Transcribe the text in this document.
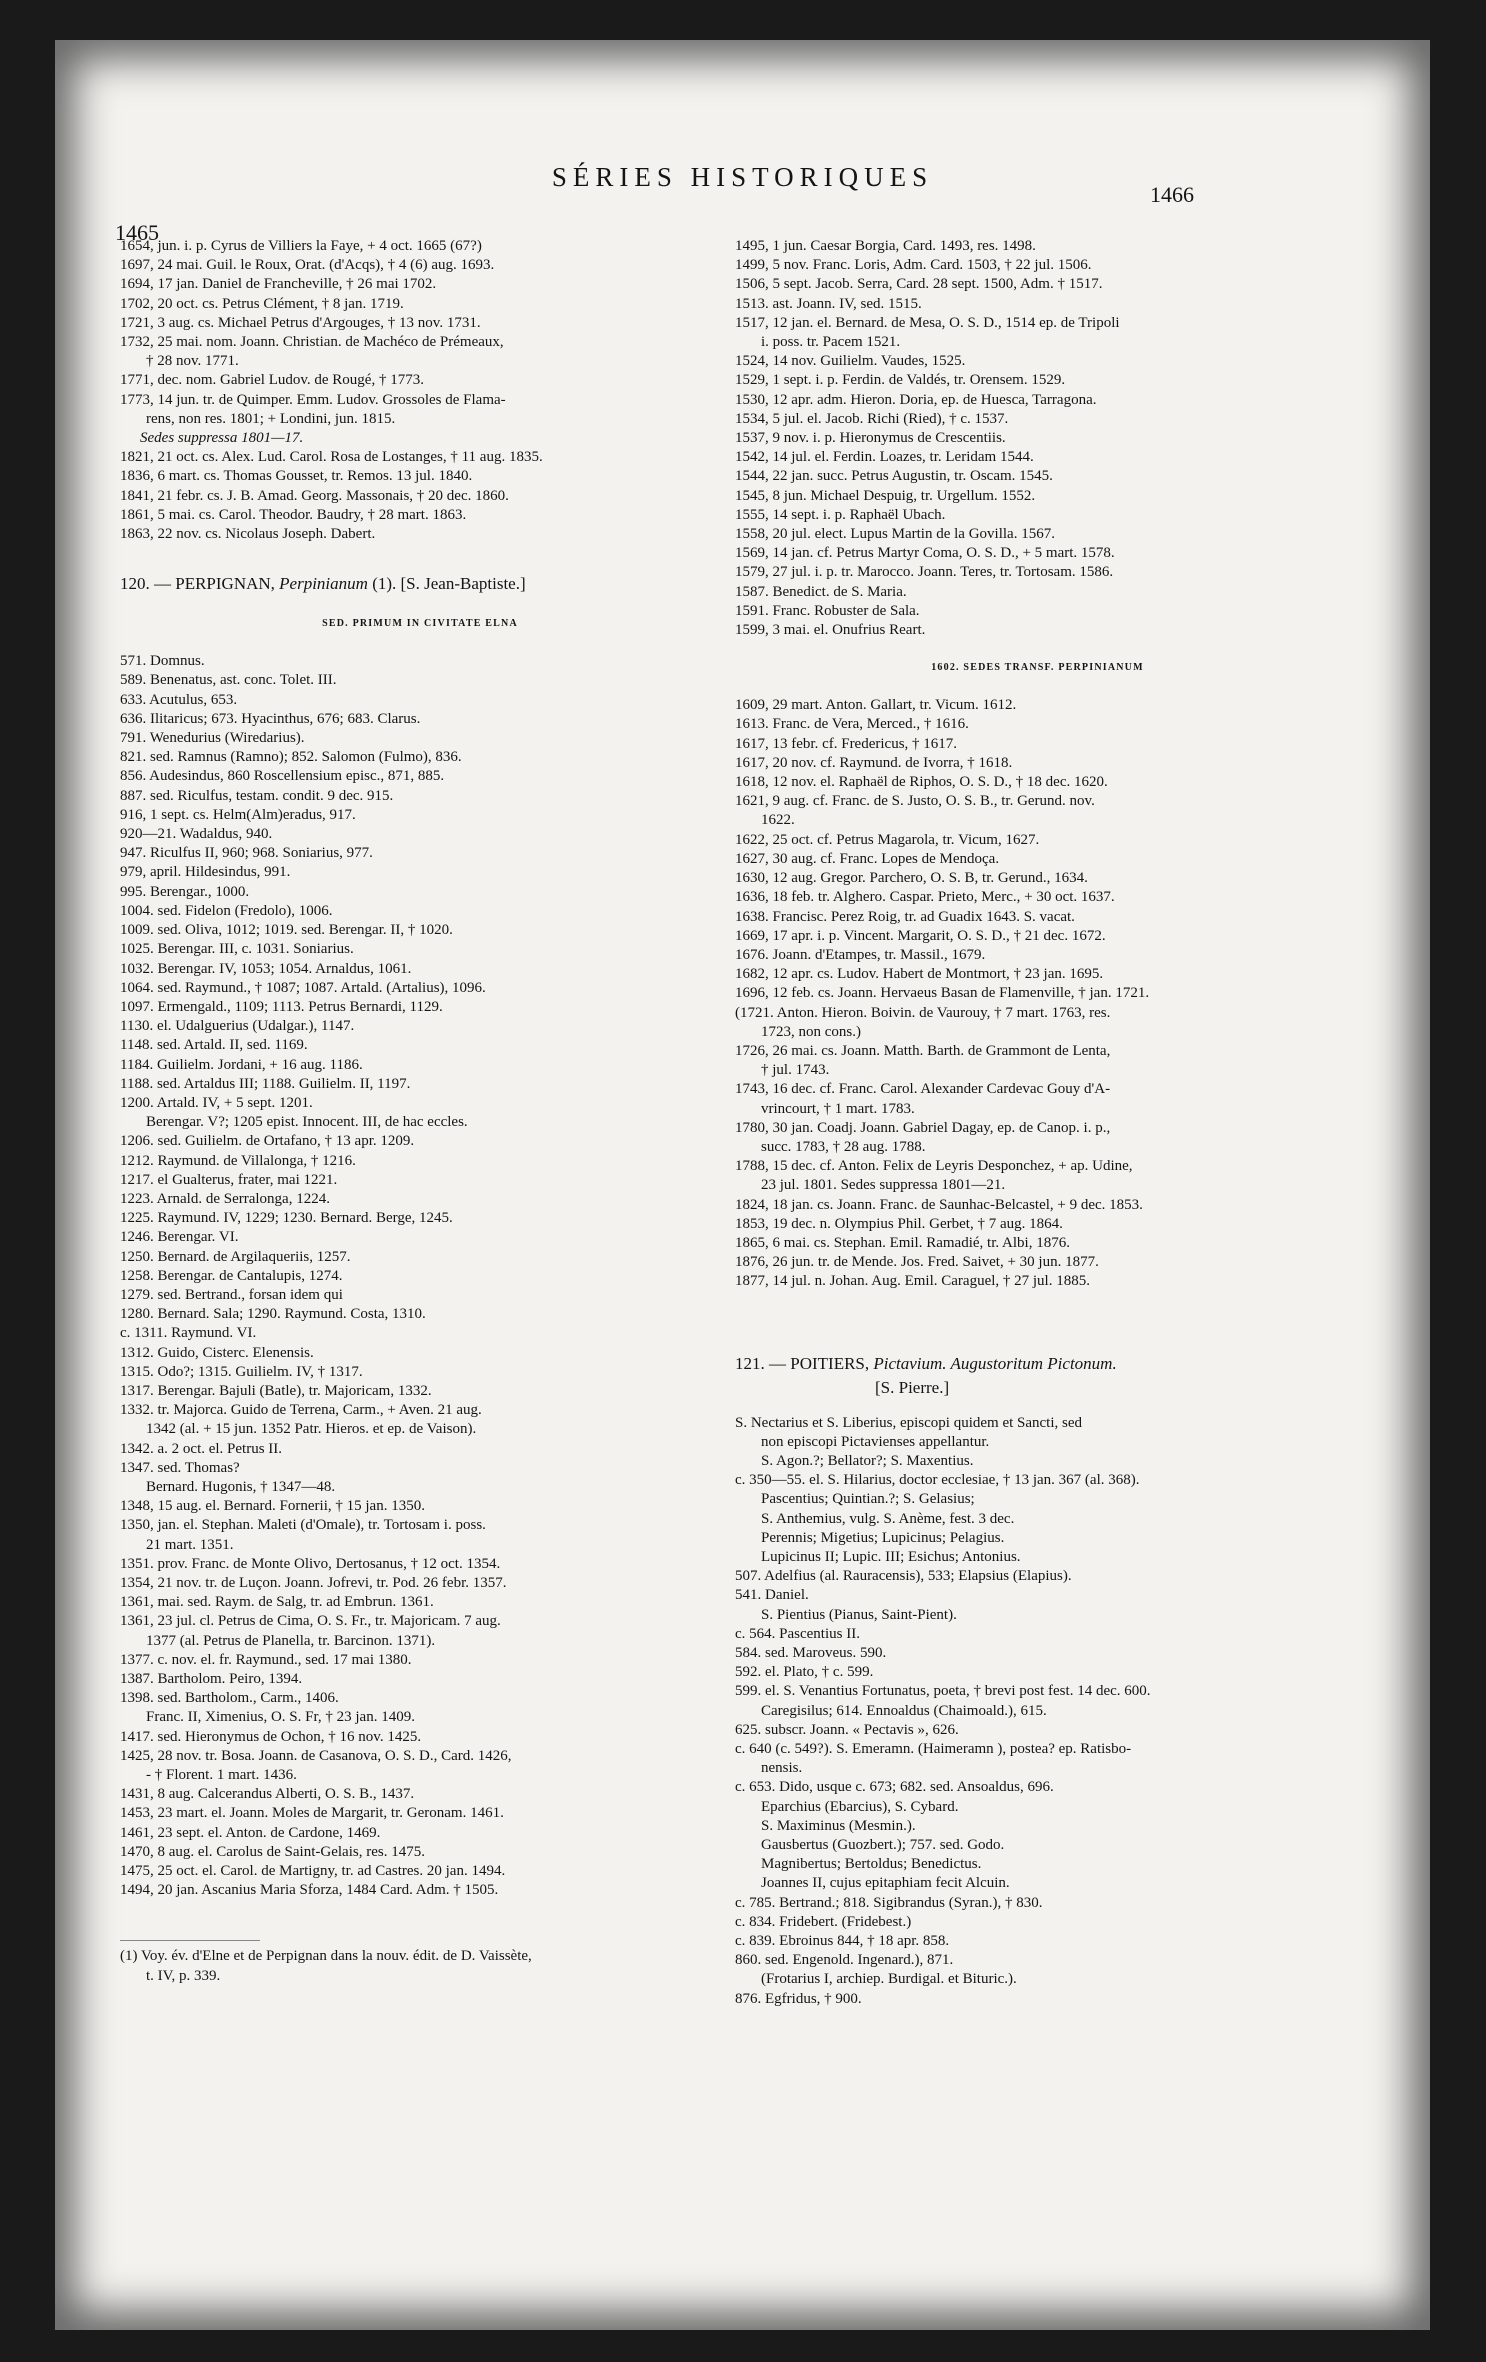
SÉRIES HISTORIQUES
1465
1466
1654, jun. i. p. Cyrus de Villiers la Faye, + 4 oct. 1665 (67?)
1697, 24 mai. Guil. le Roux, Orat. (d'Acqs), † 4 (6) aug. 1693.
1694, 17 jan. Daniel de Francheville, † 26 mai 1702.
1702, 20 oct. cs. Petrus Clément, † 8 jan. 1719.
1721, 3 aug. cs. Michael Petrus d'Argouges, † 13 nov. 1731.
1732, 25 mai. nom. Joann. Christian. de Machéco de Prémeaux,
† 28 nov. 1771.
1771, dec. nom. Gabriel Ludov. de Rougé, † 1773.
1773, 14 jun. tr. de Quimper. Emm. Ludov. Grossoles de Flama-
rens, non res. 1801; + Londini, jun. 1815.
Sedes suppressa 1801—17.
1821, 21 oct. cs. Alex. Lud. Carol. Rosa de Lostanges, † 11 aug. 1835.
1836, 6 mart. cs. Thomas Gousset, tr. Remos. 13 jul. 1840.
1841, 21 febr. cs. J. B. Amad. Georg. Massonais, † 20 dec. 1860.
1861, 5 mai. cs. Carol. Theodor. Baudry, † 28 mart. 1863.
1863, 22 nov. cs. Nicolaus Joseph. Dabert.
120. — PERPIGNAN, Perpinianum (1). [S. Jean-Baptiste.]
SED. PRIMUM IN CIVITATE ELNA
571. Domnus.
589. Benenatus, ast. conc. Tolet. III.
633. Acutulus, 653.
636. Ilitaricus; 673. Hyacinthus, 676; 683. Clarus.
791. Wenedurius (Wiredarius).
821. sed. Ramnus (Ramno); 852. Salomon (Fulmo), 836.
856. Audesindus, 860 Roscellensium episc., 871, 885.
887. sed. Riculfus, testam. condit. 9 dec. 915.
916, 1 sept. cs. Helm(Alm)eradus, 917.
920—21. Wadaldus, 940.
947. Riculfus II, 960; 968. Soniarius, 977.
979, april. Hildesindus, 991.
995. Berengar., 1000.
1004. sed. Fidelon (Fredolo), 1006.
1009. sed. Oliva, 1012; 1019. sed. Berengar. II, † 1020.
1025. Berengar. III, c. 1031. Soniarius.
1032. Berengar. IV, 1053; 1054. Arnaldus, 1061.
1064. sed. Raymund., † 1087; 1087. Artald. (Artalius), 1096.
1097. Ermengald., 1109; 1113. Petrus Bernardi, 1129.
1130. el. Udalguerius (Udalgar.), 1147.
1148. sed. Artald. II, sed. 1169.
1184. Guilielm. Jordani, + 16 aug. 1186.
1188. sed. Artaldus III; 1188. Guilielm. II, 1197.
1200. Artald. IV, + 5 sept. 1201.
Berengar. V?; 1205 epist. Innocent. III, de hac eccles.
1206. sed. Guilielm. de Ortafano, † 13 apr. 1209.
1212. Raymund. de Villalonga, † 1216.
1217. el Gualterus, frater, mai 1221.
1223. Arnald. de Serralonga, 1224.
1225. Raymund. IV, 1229; 1230. Bernard. Berge, 1245.
1246. Berengar. VI.
1250. Bernard. de Argilaqueriis, 1257.
1258. Berengar. de Cantalupis, 1274.
1279. sed. Bertrand., forsan idem qui
1280. Bernard. Sala; 1290. Raymund. Costa, 1310.
c. 1311. Raymund. VI.
1312. Guido, Cisterc. Elenensis.
1315. Odo?; 1315. Guilielm. IV, † 1317.
1317. Berengar. Bajuli (Batle), tr. Majoricam, 1332.
1332. tr. Majorca. Guido de Terrena, Carm., + Aven. 21 aug.
1342 (al. + 15 jun. 1352 Patr. Hieros. et ep. de Vaison).
1342. a. 2 oct. el. Petrus II.
1347. sed. Thomas?
Bernard. Hugonis, † 1347—48.
1348, 15 aug. el. Bernard. Fornerii, † 15 jan. 1350.
1350, jan. el. Stephan. Maleti (d'Omale), tr. Tortosam i. poss.
21 mart. 1351.
1351. prov. Franc. de Monte Olivo, Dertosanus, † 12 oct. 1354.
1354, 21 nov. tr. de Luçon. Joann. Jofrevi, tr. Pod. 26 febr. 1357.
1361, mai. sed. Raym. de Salg, tr. ad Embrun. 1361.
1361, 23 jul. cl. Petrus de Cima, O. S. Fr., tr. Majoricam. 7 aug.
1377 (al. Petrus de Planella, tr. Barcinon. 1371).
1377. c. nov. el. fr. Raymund., sed. 17 mai 1380.
1387. Bartholom. Peiro, 1394.
1398. sed. Bartholom., Carm., 1406.
Franc. II, Ximenius, O. S. Fr, † 23 jan. 1409.
1417. sed. Hieronymus de Ochon, † 16 nov. 1425.
1425, 28 nov. tr. Bosa. Joann. de Casanova, O. S. D., Card. 1426,
- † Florent. 1 mart. 1436.
1431, 8 aug. Calcerandus Alberti, O. S. B., 1437.
1453, 23 mart. el. Joann. Moles de Margarit, tr. Geronam. 1461.
1461, 23 sept. el. Anton. de Cardone, 1469.
1470, 8 aug. el. Carolus de Saint-Gelais, res. 1475.
1475, 25 oct. el. Carol. de Martigny, tr. ad Castres. 20 jan. 1494.
1494, 20 jan. Ascanius Maria Sforza, 1484 Card. Adm. † 1505.
(1) Voy. év. d'Elne et de Perpignan dans la nouv. édit. de D. Vaissète,
t. IV, p. 339.
1495, 1 jun. Caesar Borgia, Card. 1493, res. 1498.
1499, 5 nov. Franc. Loris, Adm. Card. 1503, † 22 jul. 1506.
1506, 5 sept. Jacob. Serra, Card. 28 sept. 1500, Adm. † 1517.
1513. ast. Joann. IV, sed. 1515.
1517, 12 jan. el. Bernard. de Mesa, O. S. D., 1514 ep. de Tripoli
i. poss. tr. Pacem 1521.
1524, 14 nov. Guilielm. Vaudes, 1525.
1529, 1 sept. i. p. Ferdin. de Valdés, tr. Orensem. 1529.
1530, 12 apr. adm. Hieron. Doria, ep. de Huesca, Tarragona.
1534, 5 jul. el. Jacob. Richi (Ried), † c. 1537.
1537, 9 nov. i. p. Hieronymus de Crescentiis.
1542, 14 jul. el. Ferdin. Loazes, tr. Leridam 1544.
1544, 22 jan. succ. Petrus Augustin, tr. Oscam. 1545.
1545, 8 jun. Michael Despuig, tr. Urgellum. 1552.
1555, 14 sept. i. p. Raphaël Ubach.
1558, 20 jul. elect. Lupus Martin de la Govilla. 1567.
1569, 14 jan. cf. Petrus Martyr Coma, O. S. D., + 5 mart. 1578.
1579, 27 jul. i. p. tr. Marocco. Joann. Teres, tr. Tortosam. 1586.
1587. Benedict. de S. Maria.
1591. Franc. Robuster de Sala.
1599, 3 mai. el. Onufrius Reart.
1602. SEDES TRANSF. PERPINIANUM
1609, 29 mart. Anton. Gallart, tr. Vicum. 1612.
1613. Franc. de Vera, Merced., † 1616.
1617, 13 febr. cf. Fredericus, † 1617.
1617, 20 nov. cf. Raymund. de Ivorra, † 1618.
1618, 12 nov. el. Raphaël de Riphos, O. S. D., † 18 dec. 1620.
1621, 9 aug. cf. Franc. de S. Justo, O. S. B., tr. Gerund. nov.
1622.
1622, 25 oct. cf. Petrus Magarola, tr. Vicum, 1627.
1627, 30 aug. cf. Franc. Lopes de Mendoça.
1630, 12 aug. Gregor. Parchero, O. S. B, tr. Gerund., 1634.
1636, 18 feb. tr. Alghero. Caspar. Prieto, Merc., + 30 oct. 1637.
1638. Francisc. Perez Roig, tr. ad Guadix 1643. S. vacat.
1669, 17 apr. i. p. Vincent. Margarit, O. S. D., † 21 dec. 1672.
1676. Joann. d'Etampes, tr. Massil., 1679.
1682, 12 apr. cs. Ludov. Habert de Montmort, † 23 jan. 1695.
1696, 12 feb. cs. Joann. Hervaeus Basan de Flamenville, † jan. 1721.
(1721. Anton. Hieron. Boivin. de Vaurouy, † 7 mart. 1763, res.
1723, non cons.)
1726, 26 mai. cs. Joann. Matth. Barth. de Grammont de Lenta,
† jul. 1743.
1743, 16 dec. cf. Franc. Carol. Alexander Cardevac Gouy d'A-
vrincourt, † 1 mart. 1783.
1780, 30 jan. Coadj. Joann. Gabriel Dagay, ep. de Canop. i. p.,
succ. 1783, † 28 aug. 1788.
1788, 15 dec. cf. Anton. Felix de Leyris Desponchez, + ap. Udine,
23 jul. 1801. Sedes suppressa 1801—21.
1824, 18 jan. cs. Joann. Franc. de Saunhac-Belcastel, + 9 dec. 1853.
1853, 19 dec. n. Olympius Phil. Gerbet, † 7 aug. 1864.
1865, 6 mai. cs. Stephan. Emil. Ramadié, tr. Albi, 1876.
1876, 26 jun. tr. de Mende. Jos. Fred. Saivet, + 30 jun. 1877.
1877, 14 jul. n. Johan. Aug. Emil. Caraguel, † 27 jul. 1885.
121. — POITIERS, Pictavium. Augustoritum Pictonum.
[S. Pierre.]
S. Nectarius et S. Liberius, episcopi quidem et Sancti, sed
non episcopi Pictavienses appellantur.
S. Agon.?; Bellator?; S. Maxentius.
c. 350—55. el. S. Hilarius, doctor ecclesiae, † 13 jan. 367 (al. 368).
Pascentius; Quintian.?; S. Gelasius;
S. Anthemius, vulg. S. Anème, fest. 3 dec.
Perennis; Migetius; Lupicinus; Pelagius.
Lupicinus II; Lupic. III; Esichus; Antonius.
507. Adelfius (al. Rauracensis), 533; Elapsius (Elapius).
541. Daniel.
S. Pientius (Pianus, Saint-Pient).
c. 564. Pascentius II.
584. sed. Maroveus. 590.
592. el. Plato, † c. 599.
599. el. S. Venantius Fortunatus, poeta, † brevi post fest. 14 dec. 600.
Caregisilus; 614. Ennoaldus (Chaimoald.), 615.
625. subscr. Joann. « Pectavis », 626.
c. 640 (c. 549?). S. Emeramn. (Haimeramn ), postea? ep. Ratisbo-
nensis.
c. 653. Dido, usque c. 673; 682. sed. Ansoaldus, 696.
Eparchius (Ebarcius), S. Cybard.
S. Maximinus (Mesmin.).
Gausbertus (Guozbert.); 757. sed. Godo.
Magnibertus; Bertoldus; Benedictus.
Joannes II, cujus epitaphiam fecit Alcuin.
c. 785. Bertrand.; 818. Sigibrandus (Syran.), † 830.
c. 834. Fridebert. (Fridebest.)
c. 839. Ebroinus 844, † 18 apr. 858.
860. sed. Engenold. Ingenard.), 871.
(Frotarius I, archiep. Burdigal. et Bituric.).
876. Egfridus, † 900.
